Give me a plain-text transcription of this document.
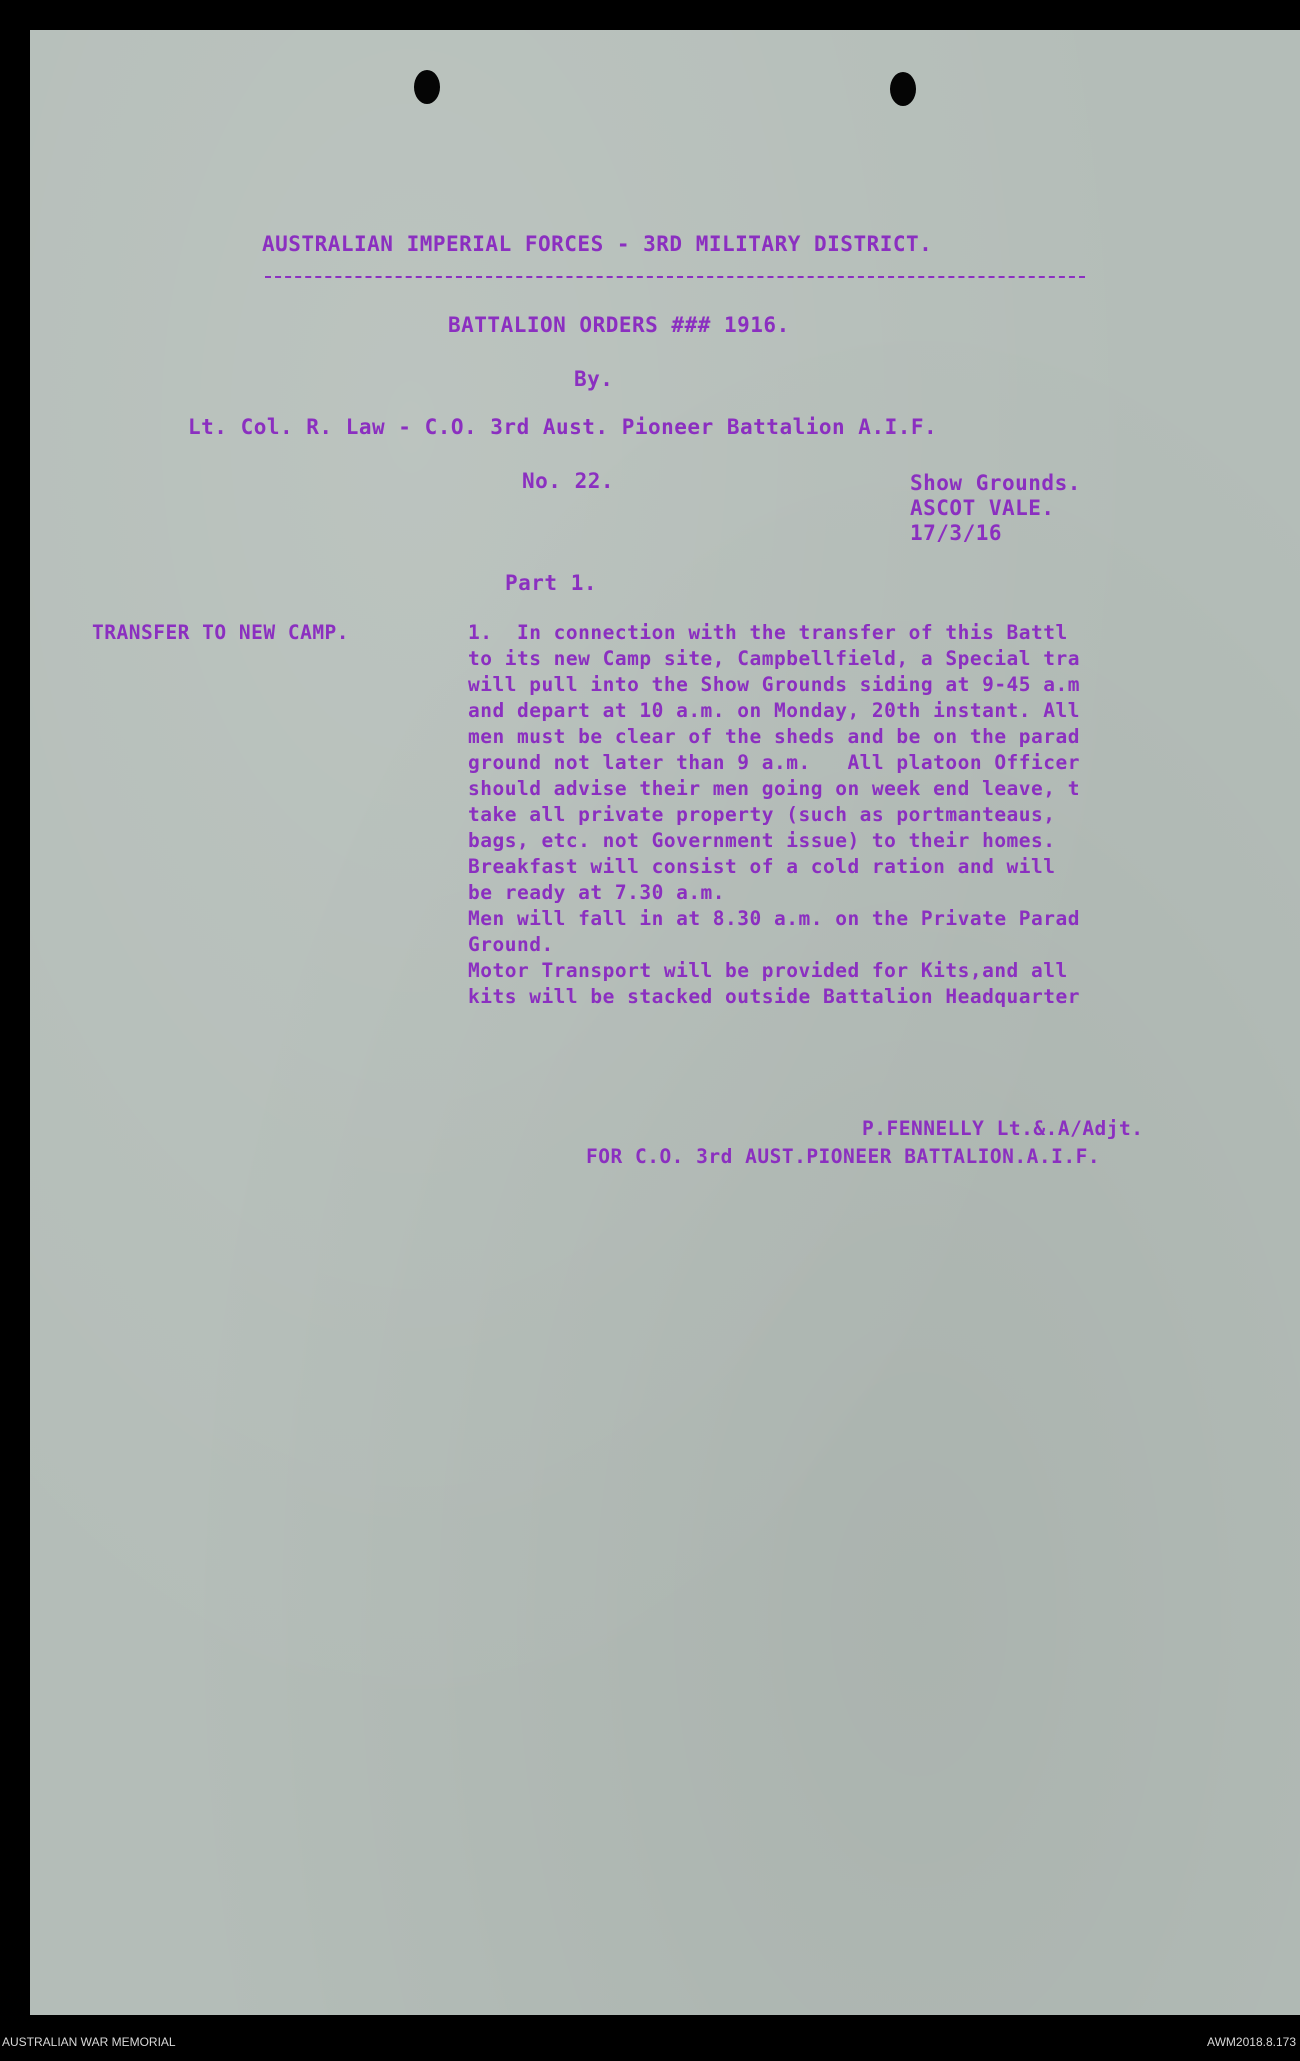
AUSTRALIAN IMPERIAL FORCES - 3RD MILITARY DISTRICT.
BATTALION ORDERS ### 1916.
By.
Lt. Col. R. Law - C.O. 3rd Aust. Pioneer Battalion A.I.F.
No. 22.	Show Grounds.
ASCOT VALE.
17/3/16
Part 1.
TRANSFER TO NEW CAMP.	1.  In connection with the transfer of this Battl
to its new Camp site, Campbellfield, a Special tra
will pull into the Show Grounds siding at 9-45 a.m
and depart at 10 a.m. on Monday, 20th instant. All
men must be clear of the sheds and be on the parad
ground not later than 9 a.m.   All platoon Officer
should advise their men going on week end leave, t
take all private property (such as portmanteaus,
bags, etc. not Government issue) to their homes.
Breakfast will consist of a cold ration and will
be ready at 7.30 a.m.
Men will fall in at 8.30 a.m. on the Private Parad
Ground.
Motor Transport will be provided for Kits,and all
kits will be stacked outside Battalion Headquarter
P.FENNELLY Lt.&.A/Adjt.
FOR C.O. 3rd AUST.PIONEER BATTALION.A.I.F.
AUSTRALIAN WAR MEMORIAL	AWM2018.8.173
